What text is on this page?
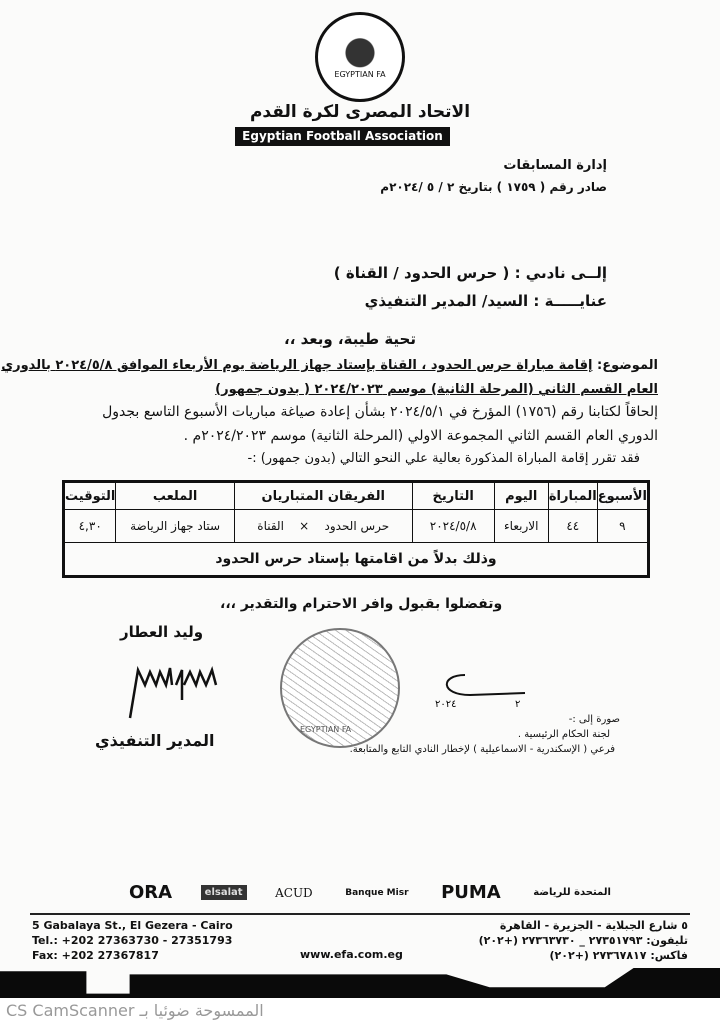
EGYPTIAN FA
الاتحاد المصرى لكرة القدم
Egyptian Football Association
إدارة المسابقات
صادر رقم ( ١٧٥٩ ) بتاريخ ٢ / ٥ /٢٠٢٤م
إلــى نادىي : ( حرس الحدود / القناة )
عنايـــــة : السيد/ المدير التنفيذي
تحية طيبة، وبعد ،،
الموضوع: إقامة مباراة حرس الحدود ، القناة بإستاد جهاز الرياضة يوم الأربعاء الموافق ٢٠٢٤/٥/٨ بالدوري
العام القسم الثاني (المرحلة الثانية) موسم ٢٠٢٤/٢٠٢٣ ( بدون جمهور)
إلحاقاً لكتابنا رقم (١٧٥٦) المؤرخ في ٢٠٢٤/٥/١ بشأن إعادة صياغة مباريات الأسبوع التاسع بجدول
الدوري العام القسم الثاني المجموعة الاولي (المرحلة الثانية) موسم ٢٠٢٤/٢٠٢٣م .
فقد تقرر إقامة المباراة المذكورة بعالية علي النحو التالي (بدون جمهور) :-
الأسبوع	المباراة	اليوم	التاريخ	الفريقان المتباريان	الملعب	التوقيت
٩	٤٤	الاربعاء	٢٠٢٤/٥/٨	حرس الحدود    ×    القناة	ستاد جهاز الرياضة	٤,٣٠
وذلك بدلاً من اقامتها بإستاد حرس الحدود						
وتفضلوا بقبول وافر الاحترام والتقدير ،،،
وليد العطار
المدير التنفيذي
EGYPTIAN FA
٢٠٢٤	٢
صورة إلى :-
لجنة الحكام الرئيسية .
فرعي ( الإسكندرية - الاسماعيلية ) لإخطار النادي التابع والمتابعة.
ORA	elsalat	ACUD	Banque Misr PUMA	المتحدة للرياضة
5 Gabalaya St., El Gezera - Cairo
Tel.: +202 27363730 - 27351793
Fax: +202 27367817	www.efa.com.eg
٥ شارع الجبلاية - الجزيرة - القاهرة
تليفون: ٢٧٣٥١٧٩٣ _ ٢٧٣٦٣٧٣٠ (+٢٠٢)
فاكس: ٢٧٣٦٧٨١٧ (+٢٠٢)
CS CamScanner الممسوحة ضوئيا بـ
